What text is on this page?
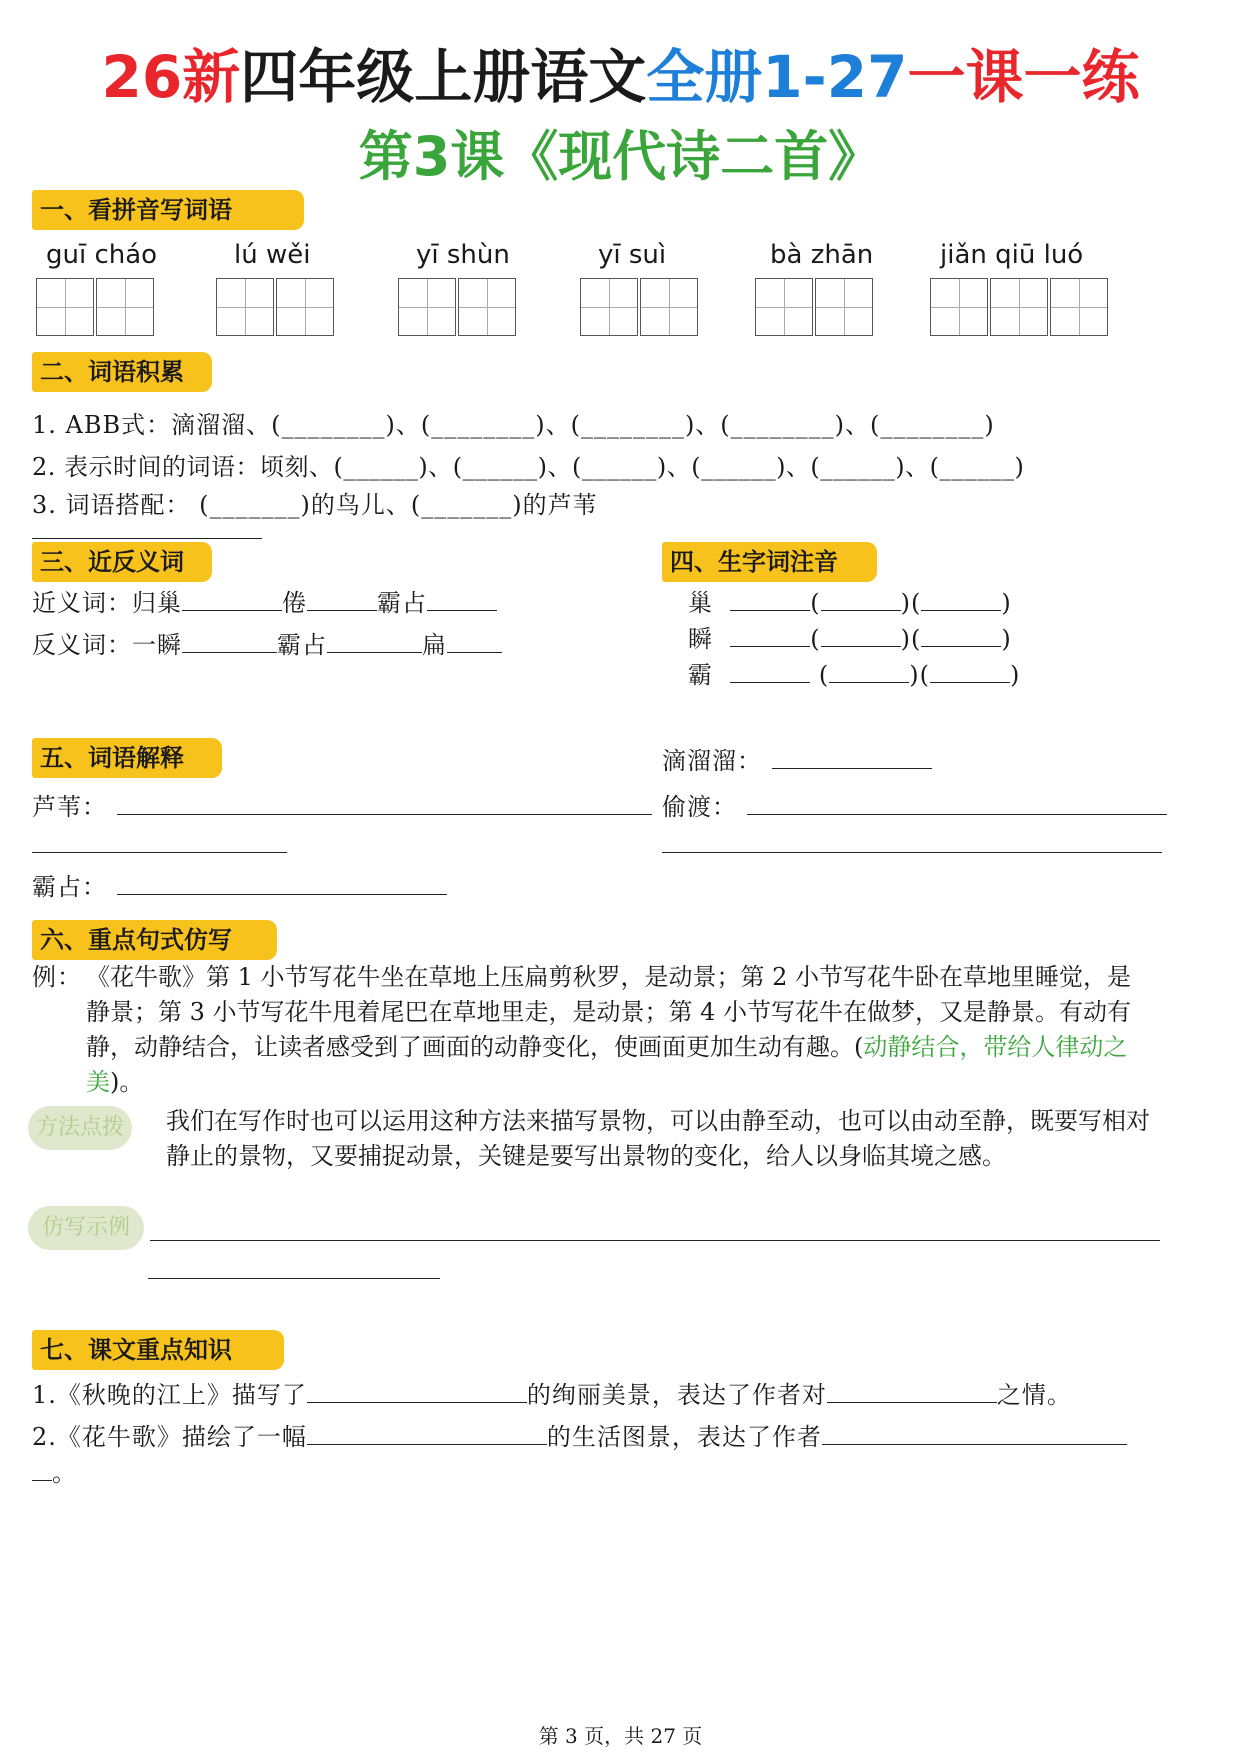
26新四年级上册语文全册1-27一课一练
第3课《现代诗二首》
一、看拼音写词语
guī cháo	lú wěi	yī shùn	yī suì	bà zhān	jiǎn qiū luó
二、词语积累
1. ABB式：滴溜溜、(________)、(________)、(________)、(________)、(________)
2. 表示时间的词语：顷刻、(______)、(______)、(______)、(______)、(______)、(______)
3. 词语搭配： (_______)的鸟儿、(_______)的芦苇
三、近反义词
近义词：归巢	倦	霸占
反义词：一瞬	霸占	扁
四、生字词注音
巢	(	)(	)
瞬	(	)(	)
霸	(	)(	)
五、词语解释	滴溜溜：
芦苇：	偷渡：
霸占：
六、重点句式仿写
例： 《花牛歌》第 1 小节写花牛坐在草地上压扁剪秋罗，是动景；第 2 小节写花牛卧在草地里睡觉，是静景；第 3 小节写花牛甩着尾巴在草地里走，是动景；第 4 小节写花牛在做梦，又是静景。有动有静，动静结合，让读者感受到了画面的动静变化，使画面更加生动有趣。(动静结合，带给人律动之美)。
方法点拨	我们在写作时也可以运用这种方法来描写景物，可以由静至动，也可以由动至静，既要写相对静止的景物，又要捕捉动景，关键是要写出景物的变化，给人以身临其境之感。
仿写示例
七、课文重点知识
1.《秋晚的江上》描写了	的绚丽美景，表达了作者对	之情。
2.《花牛歌》描绘了一幅	的生活图景，表达了作者
。
第 3 页，共 27 页
